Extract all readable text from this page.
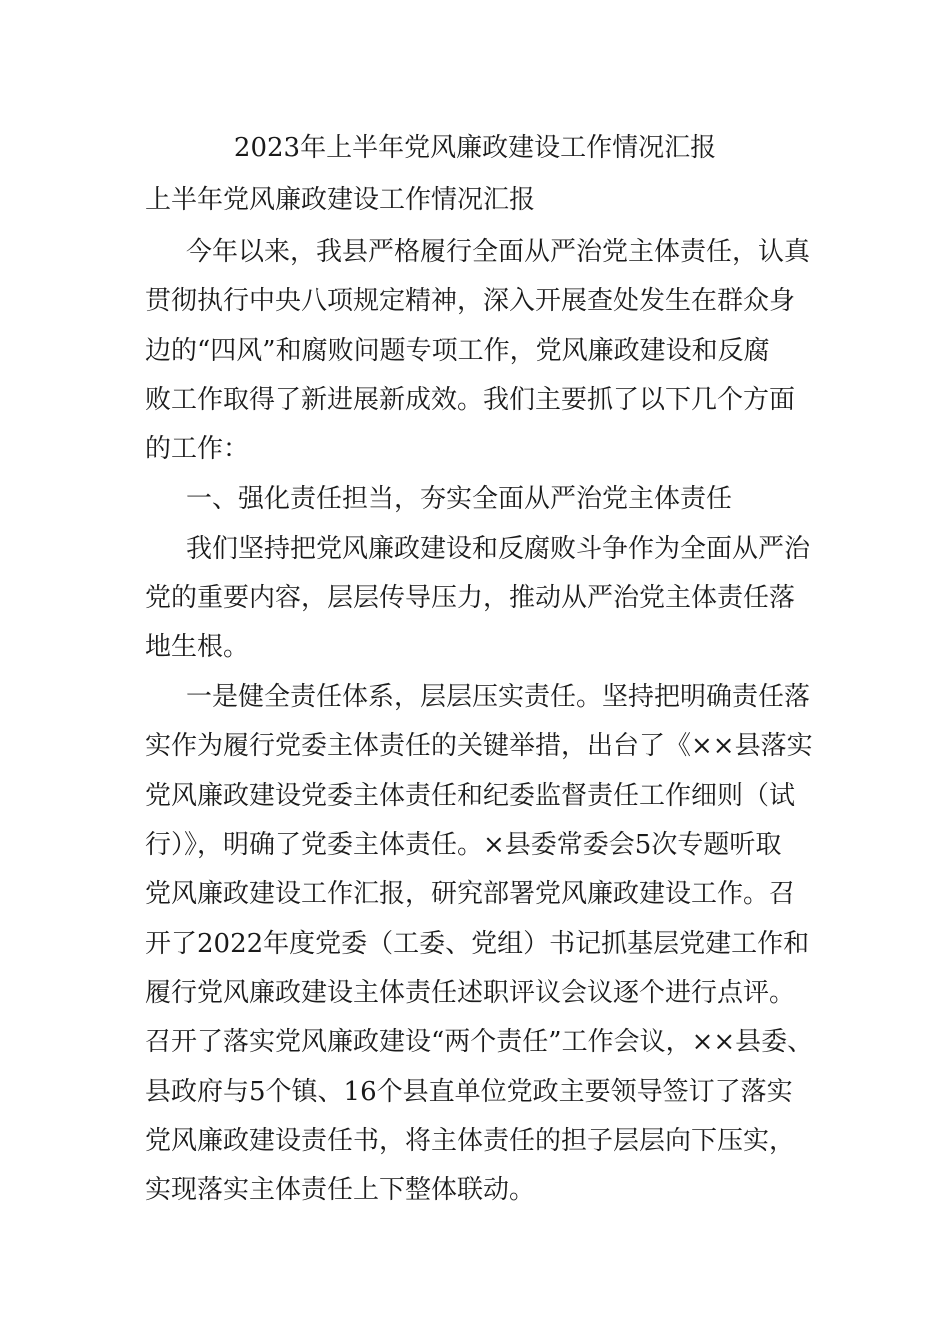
2023年上半年党风廉政建设工作情况汇报

上半年党风廉政建设工作情况汇报

今年以来，我县严格履行全面从严治党主体责任，认真

贯彻执行中央八项规定精神，深入开展查处发生在群众身

边的“四风”和腐败问题专项工作，党风廉政建设和反腐

败工作取得了新进展新成效。我们主要抓了以下几个方面

的工作：

一、强化责任担当，夯实全面从严治党主体责任

我们坚持把党风廉政建设和反腐败斗争作为全面从严治

党的重要内容，层层传导压力，推动从严治党主体责任落

地生根。

一是健全责任体系，层层压实责任。坚持把明确责任落

实作为履行党委主体责任的关键举措，出台了《××县落实

党风廉政建设党委主体责任和纪委监督责任工作细则（试

行）》，明确了党委主体责任。×县委常委会5次专题听取

党风廉政建设工作汇报，研究部署党风廉政建设工作。召

开了2022年度党委（工委、党组）书记抓基层党建工作和

履行党风廉政建设主体责任述职评议会议逐个进行点评。

召开了落实党风廉政建设“两个责任”工作会议，××县委、

县政府与5个镇、16个县直单位党政主要领导签订了落实

党风廉政建设责任书，将主体责任的担子层层向下压实，

实现落实主体责任上下整体联动。
